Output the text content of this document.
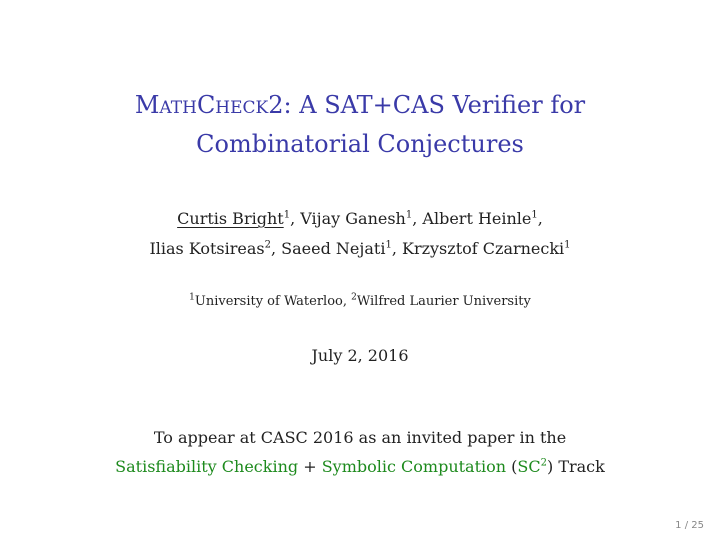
MathCheck2: A SAT+CAS Verifier for
Combinatorial Conjectures
Curtis Bright$^1$, Vijay Ganesh$^1$, Albert Heinle$^1$,
Ilias Kotsireas$^2$, Saeed Nejati$^1$, Krzysztof Czarnecki$^1$
$^1$University of Waterloo, $^2$Wilfred Laurier University
July 2, 2016
To appear at CASC 2016 as an invited paper in the
Satisfiability Checking + Symbolic Computation $(SC^2)$ Track
1 / 25
